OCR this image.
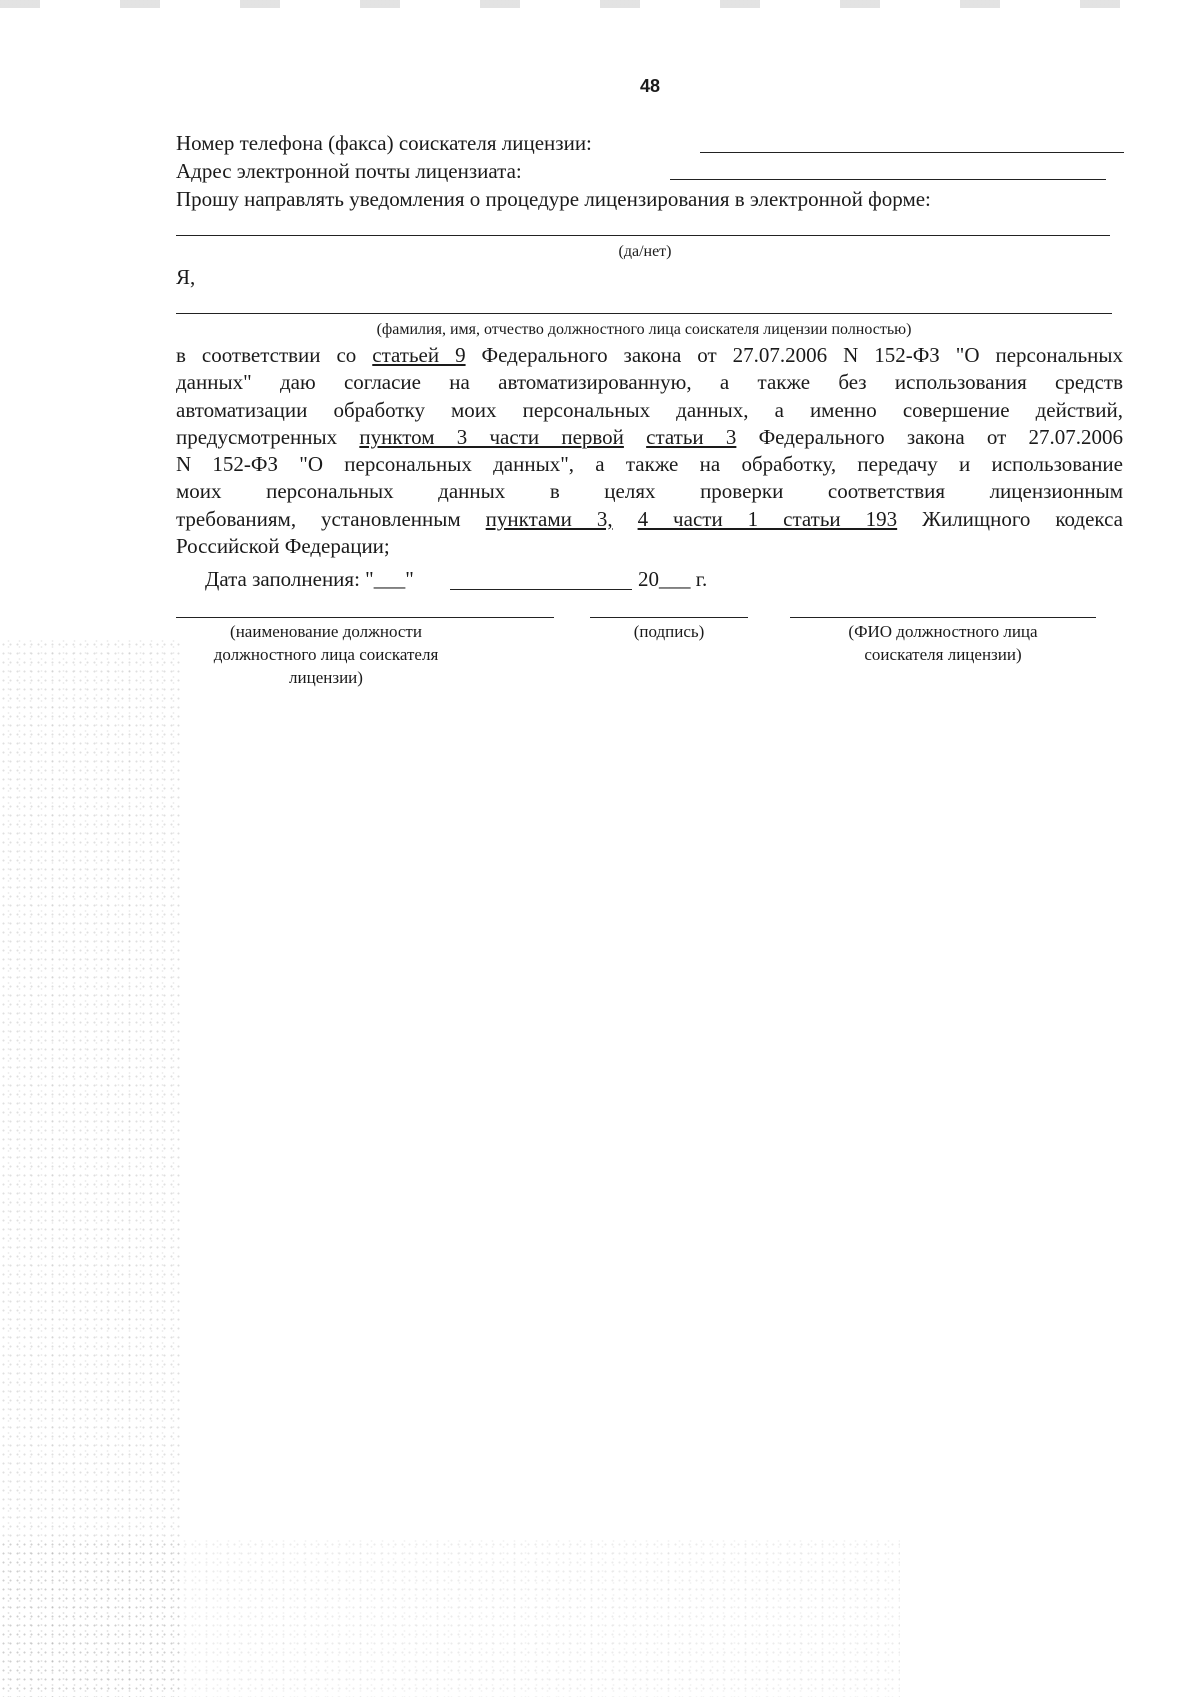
48
Номер телефона (факса) соискателя лицензии:
Адрес электронной почты лицензиата:
Прошу направлять уведомления о процедуре лицензирования в электронной форме:
(да/нет)
Я,
(фамилия, имя, отчество должностного лица соискателя лицензии полностью)
в соответствии со статьей 9 Федерального закона от 27.07.2006 N 152-ФЗ "О персональных
данных" даю согласие на автоматизированную, а также без использования средств
автоматизации обработку моих персональных данных, а именно совершение действий,
предусмотренных пунктом 3 части первой статьи 3 Федерального закона от 27.07.2006
N 152-ФЗ "О персональных данных", а также на обработку, передачу и использование
моих персональных данных в целях проверки соответствия лицензионным
требованиям, установленным пунктами 3, 4 части 1 статьи 193 Жилищного кодекса
Российской Федерации;
Дата заполнения: "___"	20___ г.
(наименование должности
должностного лица соискателя
лицензии)
(подпись)	(ФИО должностного лица
соискателя лицензии)
